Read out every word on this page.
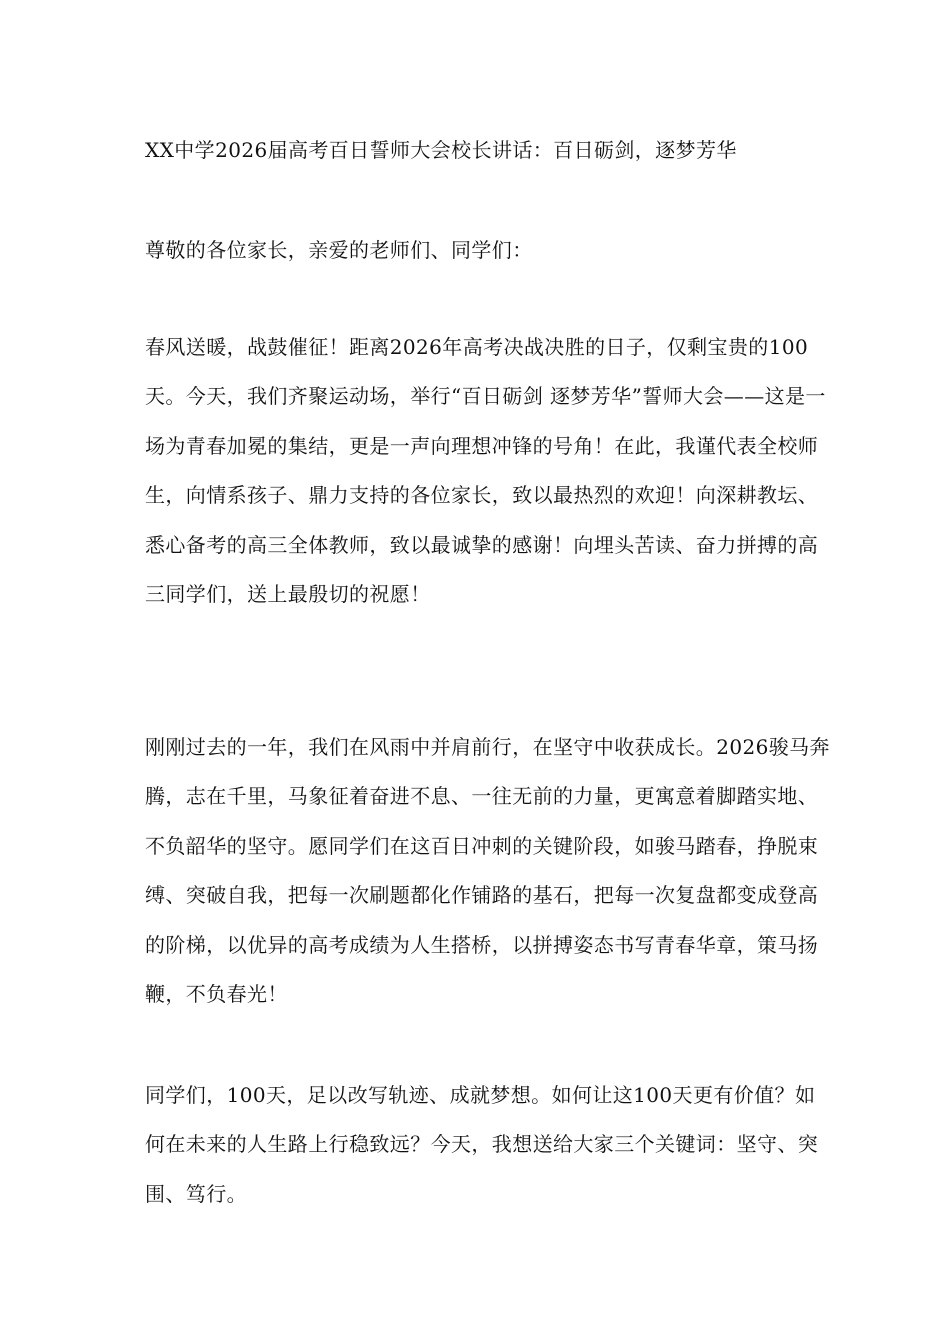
XX中学2026届高考百日誓师大会校长讲话：百日砺剑，逐梦芳华

尊敬的各位家长，亲爱的老师们、同学们：

春风送暖，战鼓催征！距离2026年高考决战决胜的日子，仅剩宝贵的100天。今天，我们齐聚运动场，举行“百日砺剑 逐梦芳华”誓师大会——这是一场为青春加冕的集结，更是一声向理想冲锋的号角！在此，我谨代表全校师生，向情系孩子、鼎力支持的各位家长，致以最热烈的欢迎！向深耕教坛、悉心备考的高三全体教师，致以最诚挚的感谢！向埋头苦读、奋力拼搏的高三同学们，送上最殷切的祝愿！

刚刚过去的一年，我们在风雨中并肩前行，在坚守中收获成长。2026骏马奔腾，志在千里，马象征着奋进不息、一往无前的力量，更寓意着脚踏实地、不负韶华的坚守。愿同学们在这百日冲刺的关键阶段，如骏马踏春，挣脱束缚、突破自我，把每一次刷题都化作铺路的基石，把每一次复盘都变成登高的阶梯，以优异的高考成绩为人生搭桥，以拼搏姿态书写青春华章，策马扬鞭，不负春光！

同学们，100天，足以改写轨迹、成就梦想。如何让这100天更有价值？如何在未来的人生路上行稳致远？今天，我想送给大家三个关键词：坚守、突围、笃行。
